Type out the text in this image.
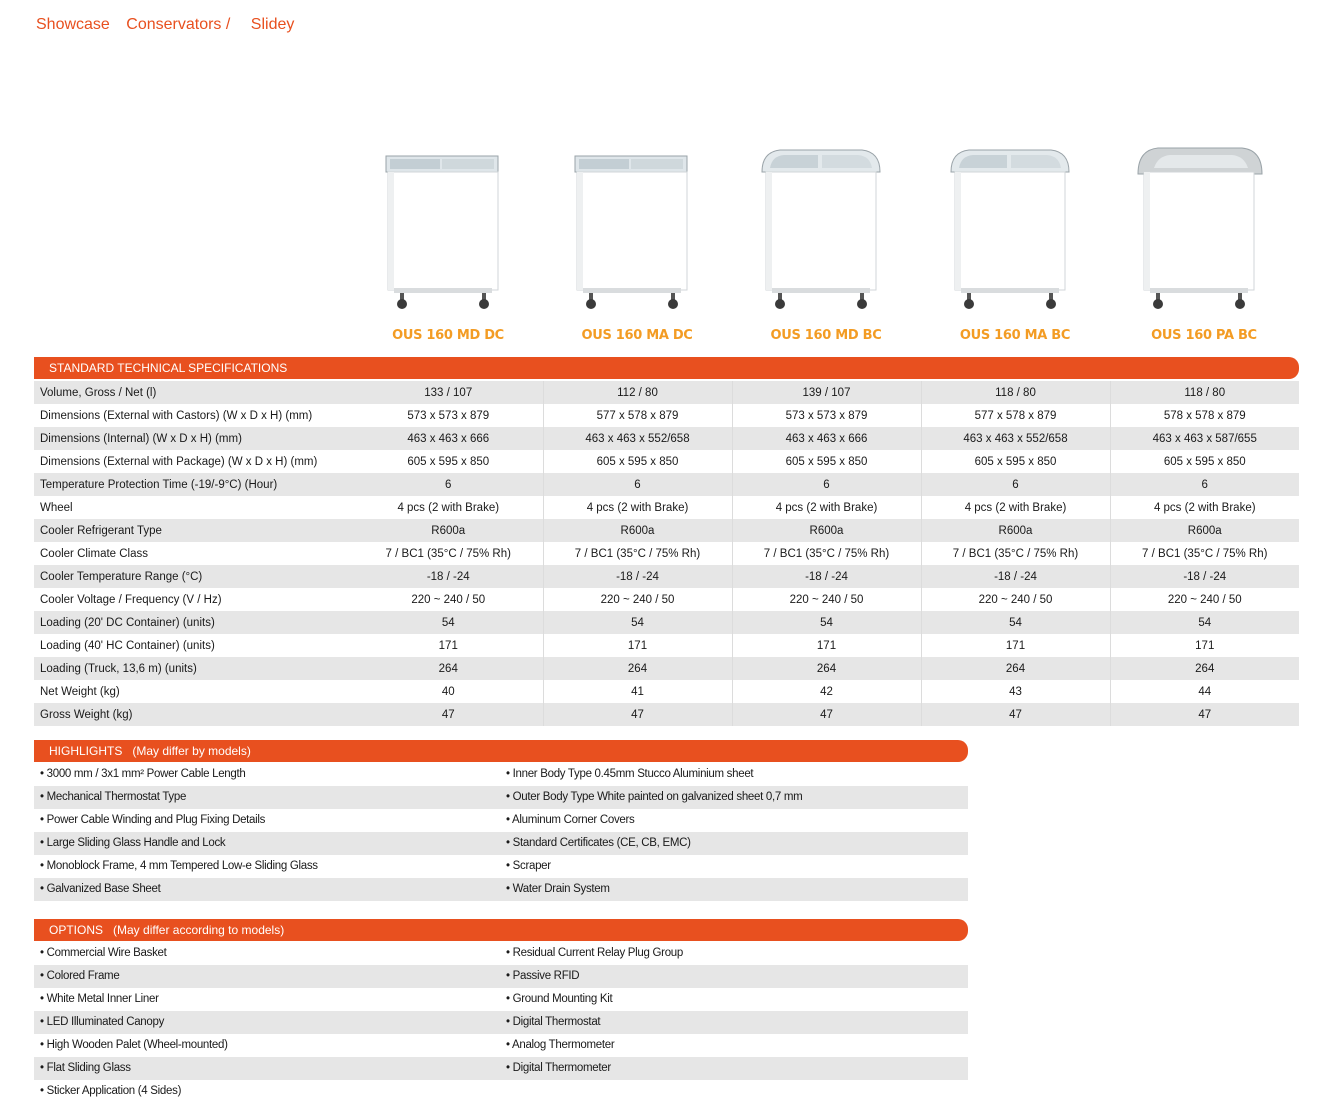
Showcase Conservators / Slidey
OUS 160 MD DC	OUS 160 MA DC	OUS 160 MD BC	OUS 160 MA BC	OUS 160 PA BC
STANDARD TECHNICAL SPECIFICATIONS
Volume, Gross / Net (l)	133 / 107	112 / 80	139 / 107	118 / 80	118 / 80
Dimensions (External with Castors) (W x D x H) (mm)	573 x 573 x 879	577 x 578 x 879	573 x 573 x 879	577 x 578 x 879	578 x 578 x 879
Dimensions (Internal) (W x D x H) (mm)	463 x 463 x 666	463 x 463 x 552/658	463 x 463 x 666	463 x 463 x 552/658	463 x 463 x 587/655
Dimensions (External with Package) (W x D x H) (mm)	605 x 595 x 850	605 x 595 x 850	605 x 595 x 850	605 x 595 x 850	605 x 595 x 850
Temperature Protection Time (-19/-9°C) (Hour)	6	6	6	6	6
Wheel	4 pcs (2 with Brake)	4 pcs (2 with Brake)	4 pcs (2 with Brake)	4 pcs (2 with Brake)	4 pcs (2 with Brake)
Cooler Refrigerant Type	R600a	R600a	R600a	R600a	R600a
Cooler Climate Class	7 / BC1 (35°C / 75% Rh)	7 / BC1 (35°C / 75% Rh)	7 / BC1 (35°C / 75% Rh)	7 / BC1 (35°C / 75% Rh)	7 / BC1 (35°C / 75% Rh)
Cooler Temperature Range (°C)	-18 / -24	-18 / -24	-18 / -24	-18 / -24	-18 / -24
Cooler Voltage / Frequency (V / Hz)	220 ~ 240 / 50	220 ~ 240 / 50	220 ~ 240 / 50	220 ~ 240 / 50	220 ~ 240 / 50
Loading (20' DC Container) (units)	54	54	54	54	54
Loading (40' HC Container) (units)	171	171	171	171	171
Loading (Truck, 13,6 m) (units)	264	264	264	264	264
Net Weight (kg)	40	41	42	43	44
Gross Weight (kg)	47	47	47	47	47
HIGHLIGHTS (May differ by models)
• 3000 mm / 3x1 mm² Power Cable Length	• Inner Body Type 0.45mm Stucco Aluminium sheet
• Mechanical Thermostat Type	• Outer Body Type White painted on galvanized sheet 0,7 mm
• Power Cable Winding and Plug Fixing Details	• Aluminum Corner Covers
• Large Sliding Glass Handle and Lock	• Standard Certificates (CE, CB, EMC)
• Monoblock Frame, 4 mm Tempered Low-e Sliding Glass	• Scraper
• Galvanized Base Sheet	• Water Drain System
OPTIONS (May differ according to models)
• Commercial Wire Basket	• Residual Current Relay Plug Group
• Colored Frame	• Passive RFID
• White Metal Inner Liner	• Ground Mounting Kit
• LED Illuminated Canopy	• Digital Thermostat
• High Wooden Palet (Wheel-mounted)	• Analog Thermometer
• Flat Sliding Glass	• Digital Thermometer
• Sticker Application (4 Sides)
